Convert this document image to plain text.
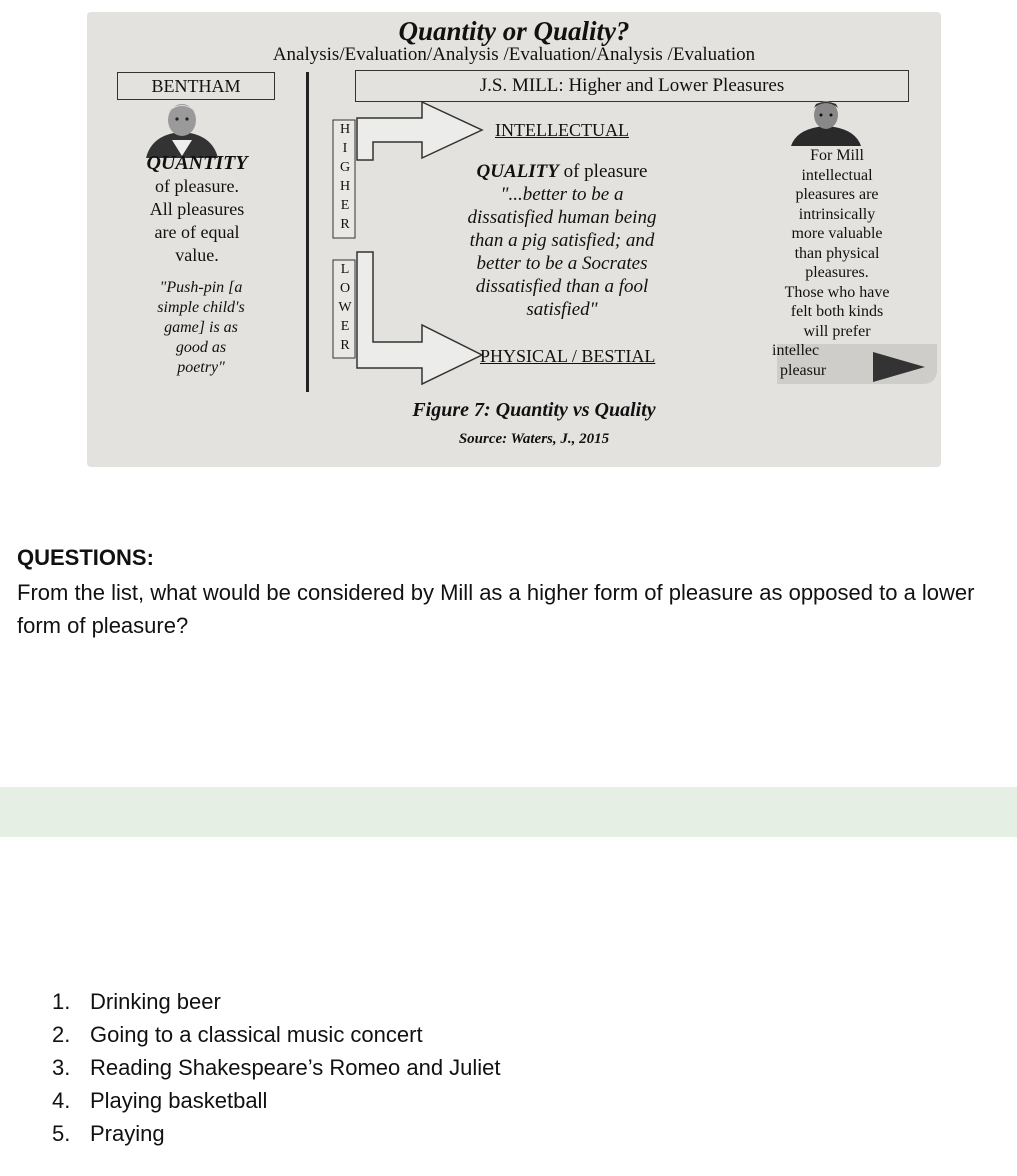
Quantity or Quality?
Analysis/Evaluation/Analysis /Evaluation/Analysis /Evaluation
BENTHAM	J.S. MILL: Higher and Lower Pleasures
H
I
G
H
E
R
L
O
W
E
R
INTELLECTUAL
PHYSICAL / BESTIAL
QUANTITY
of pleasure.
All pleasures
are of equal
value.
"Push-pin [a
simple child's
game] is as
good as
poetry"
QUALITY of pleasure
"...better to be a
dissatisfied human being
than a pig satisfied; and
better to be a Socrates
dissatisfied than a fool
satisfied"
For Mill
intellectual
pleasures are
intrinsically
more valuable
than physical
pleasures.
Those who have
felt both kinds
will prefer
intellec
pleasur
Figure 7: Quantity vs Quality
Source: Waters, J., 2015
QUESTIONS:
From the list, what would be considered by Mill as a higher form of pleasure as opposed to a lower form of pleasure?
1. Drinking beer
2. Going to a classical music concert
3. Reading Shakespeare’s Romeo and Juliet
4. Playing basketball
5. Praying
